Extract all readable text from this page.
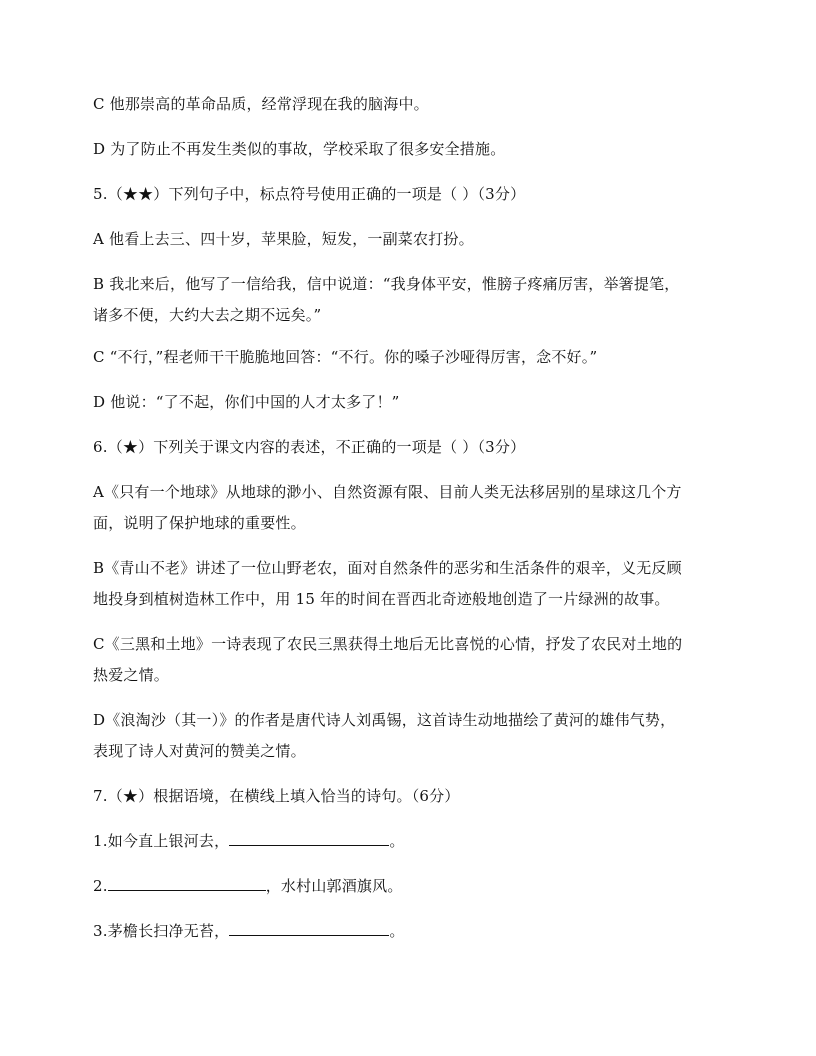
C 他那崇高的革命品质，经常浮现在我的脑海中。
D 为了防止不再发生类似的事故，学校采取了很多安全措施。
5.（★★）下列句子中，标点符号使用正确的一项是（ ）（3分）
A 他看上去三、四十岁，苹果脸，短发，一副菜农打扮。
B 我北来后，他写了一信给我，信中说道：“我身体平安，惟膀子疼痛厉害，举箸提笔，
诸多不便，大约大去之期不远矣。”
C “不行，”程老师干干脆脆地回答：“不行。你的嗓子沙哑得厉害，念不好。”
D 他说：“了不起，你们中国的人才太多了！”
6.（★）下列关于课文内容的表述，不正确的一项是（ ）（3分）
A《只有一个地球》从地球的渺小、自然资源有限、目前人类无法移居别的星球这几个方
面，说明了保护地球的重要性。
B《青山不老》讲述了一位山野老农，面对自然条件的恶劣和生活条件的艰辛，义无反顾
地投身到植树造林工作中，用 15 年的时间在晋西北奇迹般地创造了一片绿洲的故事。
C《三黑和土地》一诗表现了农民三黑获得土地后无比喜悦的心情，抒发了农民对土地的
热爱之情。
D《浪淘沙（其一）》的作者是唐代诗人刘禹锡，这首诗生动地描绘了黄河的雄伟气势，
表现了诗人对黄河的赞美之情。
7.（★）根据语境，在横线上填入恰当的诗句。（6分）
1.如今直上银河去，	。
2.	，水村山郭酒旗风。
3.茅檐长扫净无苔，	。
